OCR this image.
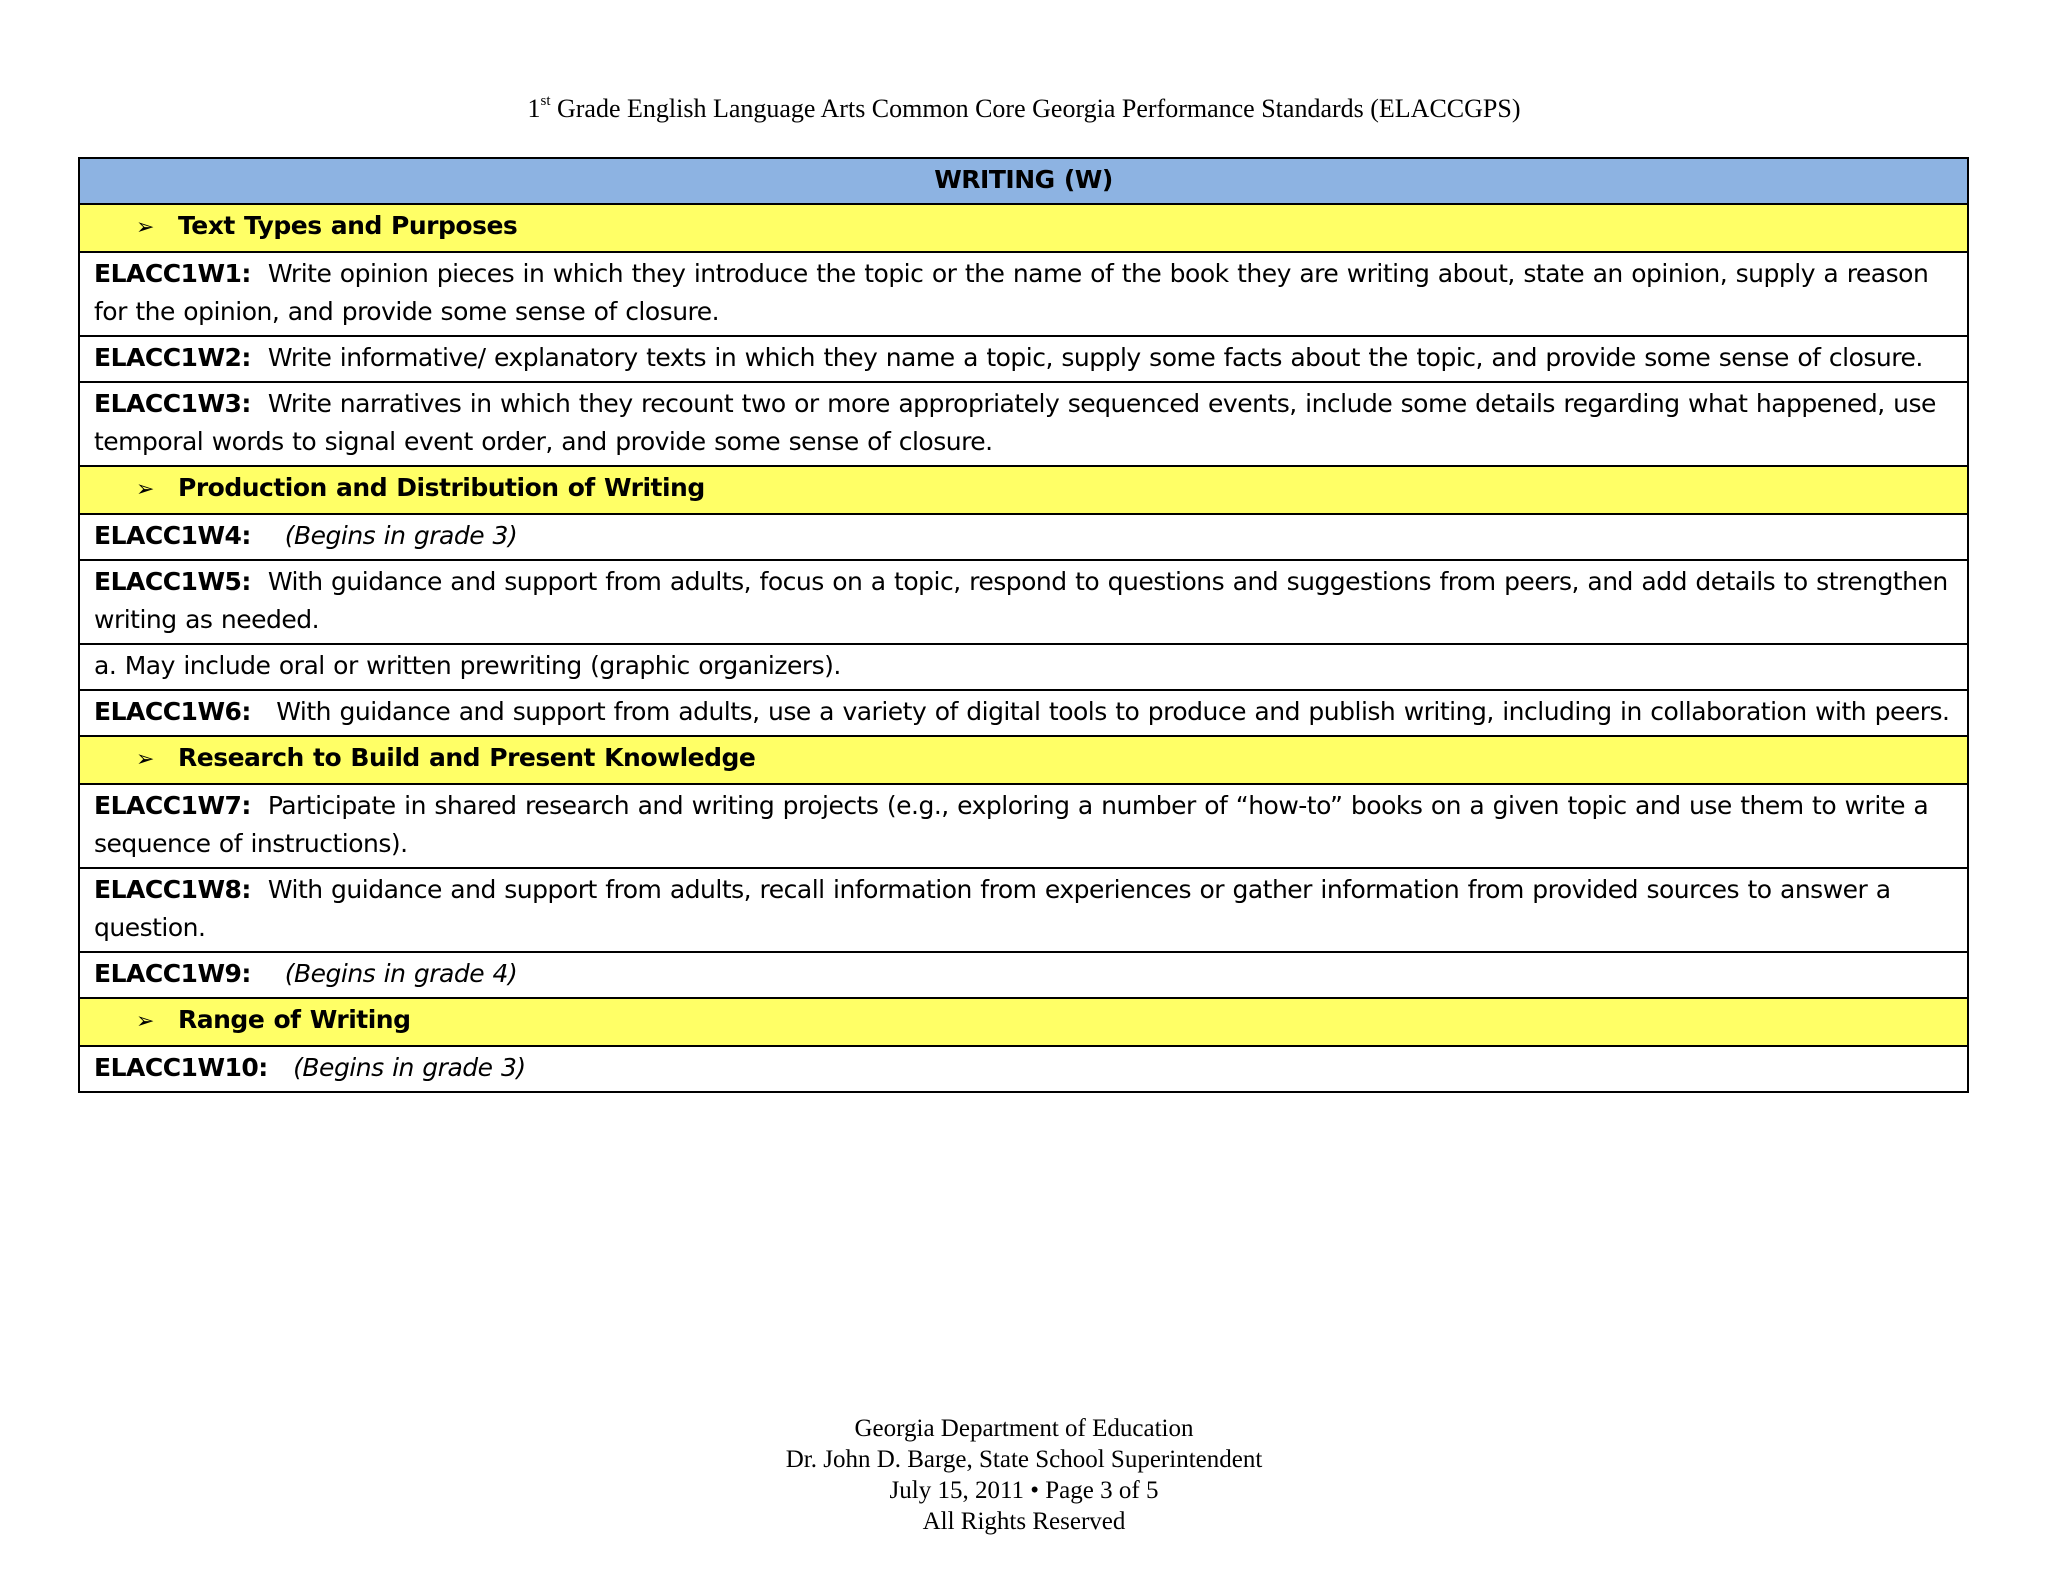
1st Grade English Language Arts Common Core Georgia Performance Standards (ELACCGPS)
WRITING (W)
➢ Text Types and Purposes
ELACC1W1: Write opinion pieces in which they introduce the topic or the name of the book they are writing about, state an opinion, supply a reason for the opinion, and provide some sense of closure.
ELACC1W2: Write informative/ explanatory texts in which they name a topic, supply some facts about the topic, and provide some sense of closure.
ELACC1W3: Write narratives in which they recount two or more appropriately sequenced events, include some details regarding what happened, use temporal words to signal event order, and provide some sense of closure.
➢ Production and Distribution of Writing
ELACC1W4: (Begins in grade 3)
ELACC1W5: With guidance and support from adults, focus on a topic, respond to questions and suggestions from peers, and add details to strengthen writing as needed.
a. May include oral or written prewriting (graphic organizers).
ELACC1W6: With guidance and support from adults, use a variety of digital tools to produce and publish writing, including in collaboration with peers.
➢ Research to Build and Present Knowledge
ELACC1W7: Participate in shared research and writing projects (e.g., exploring a number of “how-to” books on a given topic and use them to write a sequence of instructions).
ELACC1W8: With guidance and support from adults, recall information from experiences or gather information from provided sources to answer a question.
ELACC1W9: (Begins in grade 4)
➢ Range of Writing
ELACC1W10: (Begins in grade 3)
Georgia Department of Education
Dr. John D. Barge, State School Superintendent
July 15, 2011 • Page 3 of 5
All Rights Reserved
